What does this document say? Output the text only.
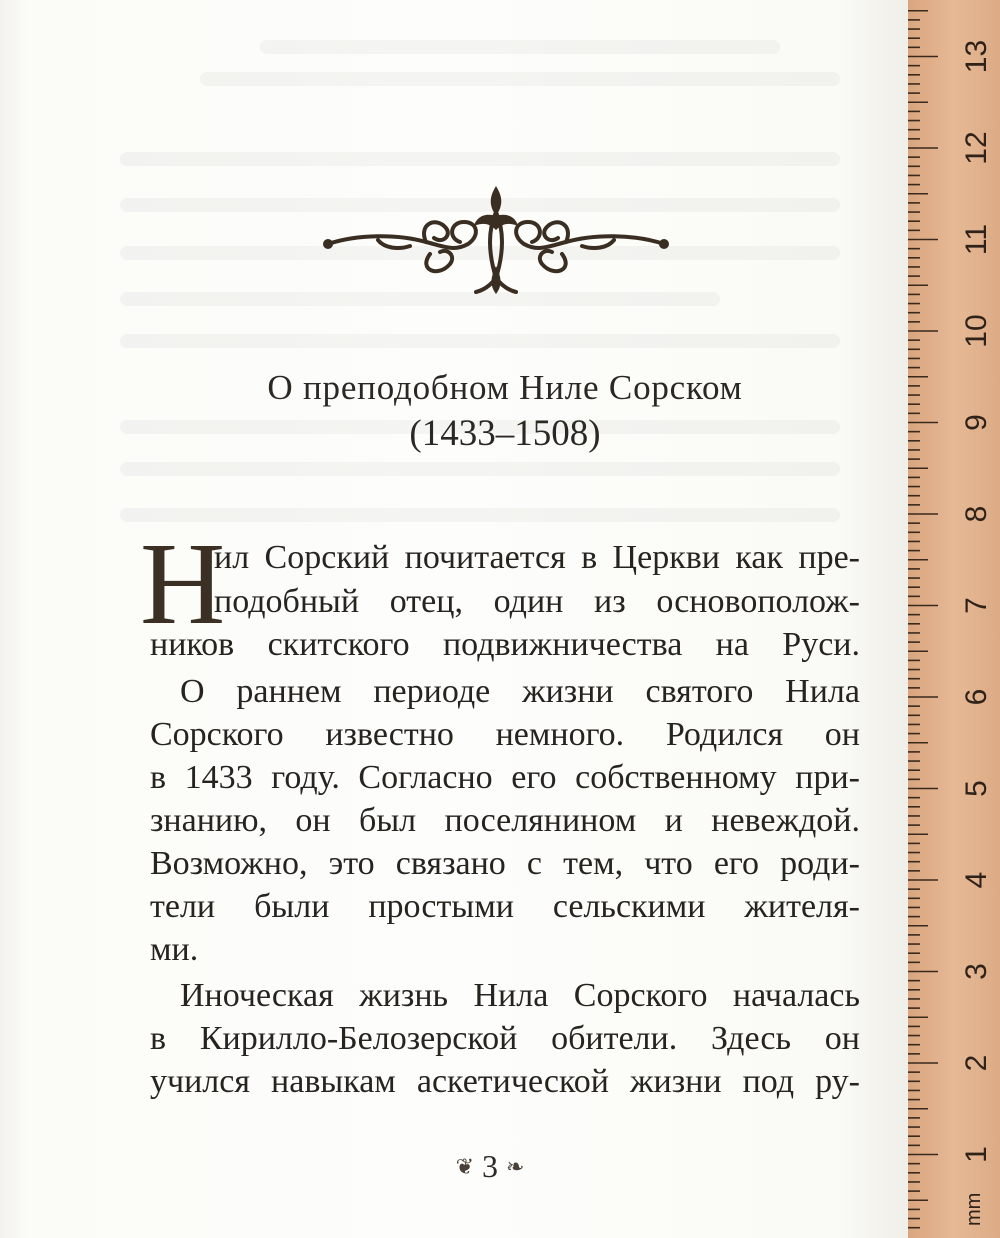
О преподобном Ниле Сорском
(1433–1508)
Н
ил Сорский почитается в Церкви как пре-
подобный отец, один из основополож-
ников скитского подвижничества на Руси.
О раннем периоде жизни святого Нила
Сорского известно немного. Родился он
в 1433 году. Согласно его собственному при-
знанию, он был поселянином и невеждой.
Возможно, это связано с тем, что его роди-
тели были простыми сельскими жителя-
ми.
Иноческая жизнь Нила Сорского началась
в Кирилло-Белозерской обители. Здесь он
учился навыкам аскетической жизни под ру-
❦ 3 ❧	1
2
3
4
5
6
7
8
9
10
11
12
13
mm
